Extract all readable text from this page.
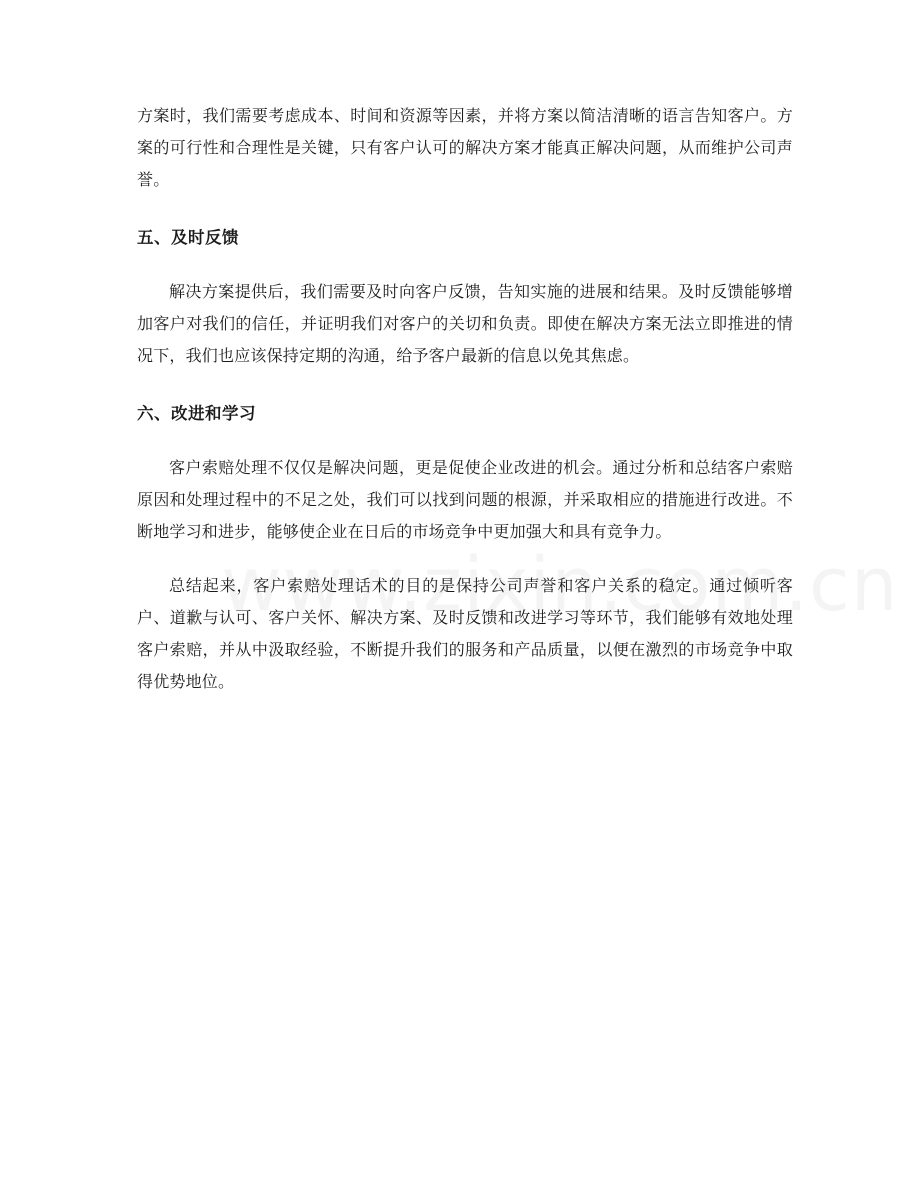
方案时，我们需要考虑成本、时间和资源等因素，并将方案以简洁清晰的语言告知客户。方案的可行性和合理性是关键，只有客户认可的解决方案才能真正解决问题，从而维护公司声誉。

五、及时反馈

解决方案提供后，我们需要及时向客户反馈，告知实施的进展和结果。及时反馈能够增加客户对我们的信任，并证明我们对客户的关切和负责。即使在解决方案无法立即推进的情况下，我们也应该保持定期的沟通，给予客户最新的信息以免其焦虑。

六、改进和学习

客户索赔处理不仅仅是解决问题，更是促使企业改进的机会。通过分析和总结客户索赔原因和处理过程中的不足之处，我们可以找到问题的根源，并采取相应的措施进行改进。不断地学习和进步，能够使企业在日后的市场竞争中更加强大和具有竞争力。

总结起来，客户索赔处理话术的目的是保持公司声誉和客户关系的稳定。通过倾听客户、道歉与认可、客户关怀、解决方案、及时反馈和改进学习等环节，我们能够有效地处理客户索赔，并从中汲取经验，不断提升我们的服务和产品质量，以便在激烈的市场竞争中取得优势地位。
